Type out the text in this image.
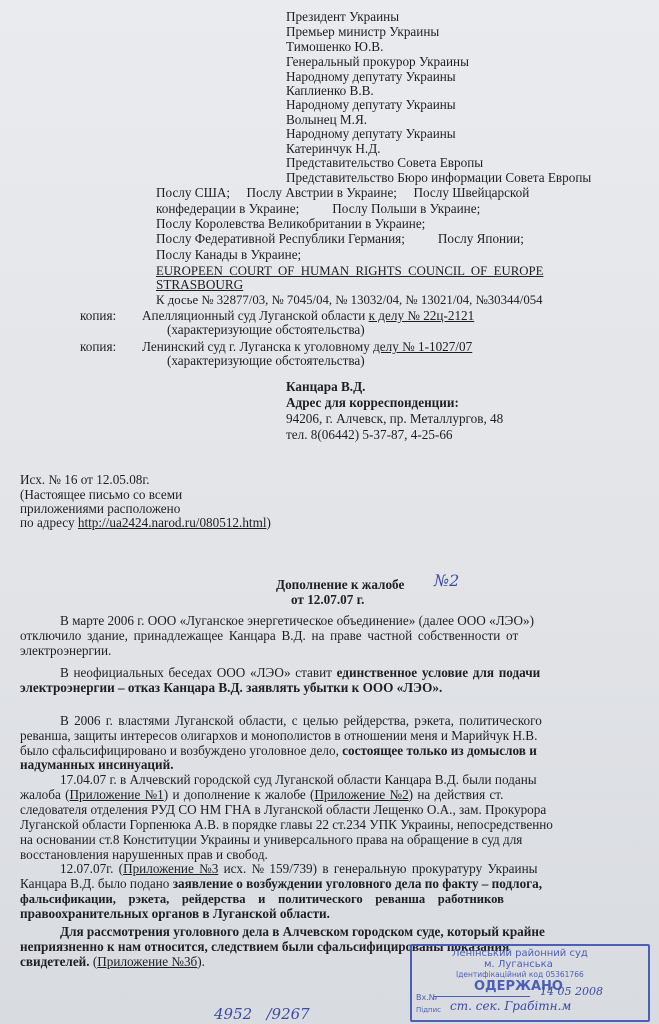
Президент Украины
Премьер министр Украины
Тимошенко Ю.В.
Генеральный прокурор Украины
Народному депутату Украины
Каплиенко В.В.
Народному депутату Украины
Волынец М.Я.
Народному депутату Украины
Катеринчук Н.Д.
Представительство Совета Европы
Представительство Бюро информации Совета Европы
Послу США;     Послу Австрии в Украине;     Послу Швейцарской
конфедерации в Украине;          Послу Польши в Украине;
Послу Королевства Великобритании в Украине;
Послу Федеративной Республики Германия;          Послу Японии;
Послу Канады в Украине;
EUROPEEN  COURT  OF  HUMAN  RIGHTS  COUNCIL  OF  EUROPE
STRASBOURG
К досье № 32877/03, № 7045/04, № 13032/04, № 13021/04, №30344/054
копия: Апелляционный суд Луганской области к делу № 22ц-2121
(характеризующие обстоятельства)
копия: Ленинский суд г. Луганска к уголовному делу № 1-1027/07
(характеризующие обстоятельства)
Канцара В.Д.
Адрес для корреспонденции:
94206, г. Алчевск, пр. Металлургов, 48
тел. 8(06442) 5-37-87, 4-25-66
Исх. № 16 от 12.05.08г.
(Настоящее письмо со всеми
приложениями расположено
по адресу http://ua2424.narod.ru/080512.html)
Дополнение к жалобе
от 12.07.07 г.
№2
В марте 2006 г. ООО «Луганское энергетическое объединение» (далее ООО «ЛЭО»)
отключило здание, принадлежащее Канцара В.Д. на праве частной собственности от
электроэнергии.
В неофициальных беседах ООО «ЛЭО» ставит единственное условие для подачи
электроэнергии – отказ Канцара В.Д. заявлять убытки к ООО «ЛЭО».
В 2006 г. властями Луганской области, с целью рейдерства, рэкета, политического
реванша, защиты интересов олигархов и монополистов в отношении меня и Марийчук Н.В.
было сфальсифицировано и возбуждено уголовное дело, состоящее только из домыслов и
надуманных инсинуаций.
17.04.07 г. в Алчевский городской суд Луганской области Канцара В.Д. были поданы
жалоба (Приложение №1) и дополнение к жалобе (Приложение №2) на действия ст.
следователя отделения РУД СО НМ ГНА в Луганской области Лещенко О.А., зам. Прокурора
Луганской области Горпенюка А.В. в порядке главы 22 ст.234 УПК Украины, непосредственно
на основании ст.8 Конституции Украины и универсального права на обращение в суд для
восстановления нарушенных прав и свобод.
12.07.07г. (Приложение №3 исх. № 159/739) в генеральную прокуратуру Украины
Канцара В.Д. было подано заявление о возбуждении уголовного дела по факту – подлога,
фальсификации,    рэкета,    рейдерства    и    политического    реванша    работников
правоохранительных органов в Луганской области.
Для рассмотрения уголовного дела в Алчевском городском суде, который крайне
неприязненно к нам относится, следствием были сфальсифицированы показания
свидетелей. (Приложение №3б).
Ленінський районний суд
м. Луганська
Ідентифікаційний код 05361766
ОДЕРЖАНО
Вх.№
Підпис
14 05 2008
ст. сек. Грабітн.м
4952   /9267
